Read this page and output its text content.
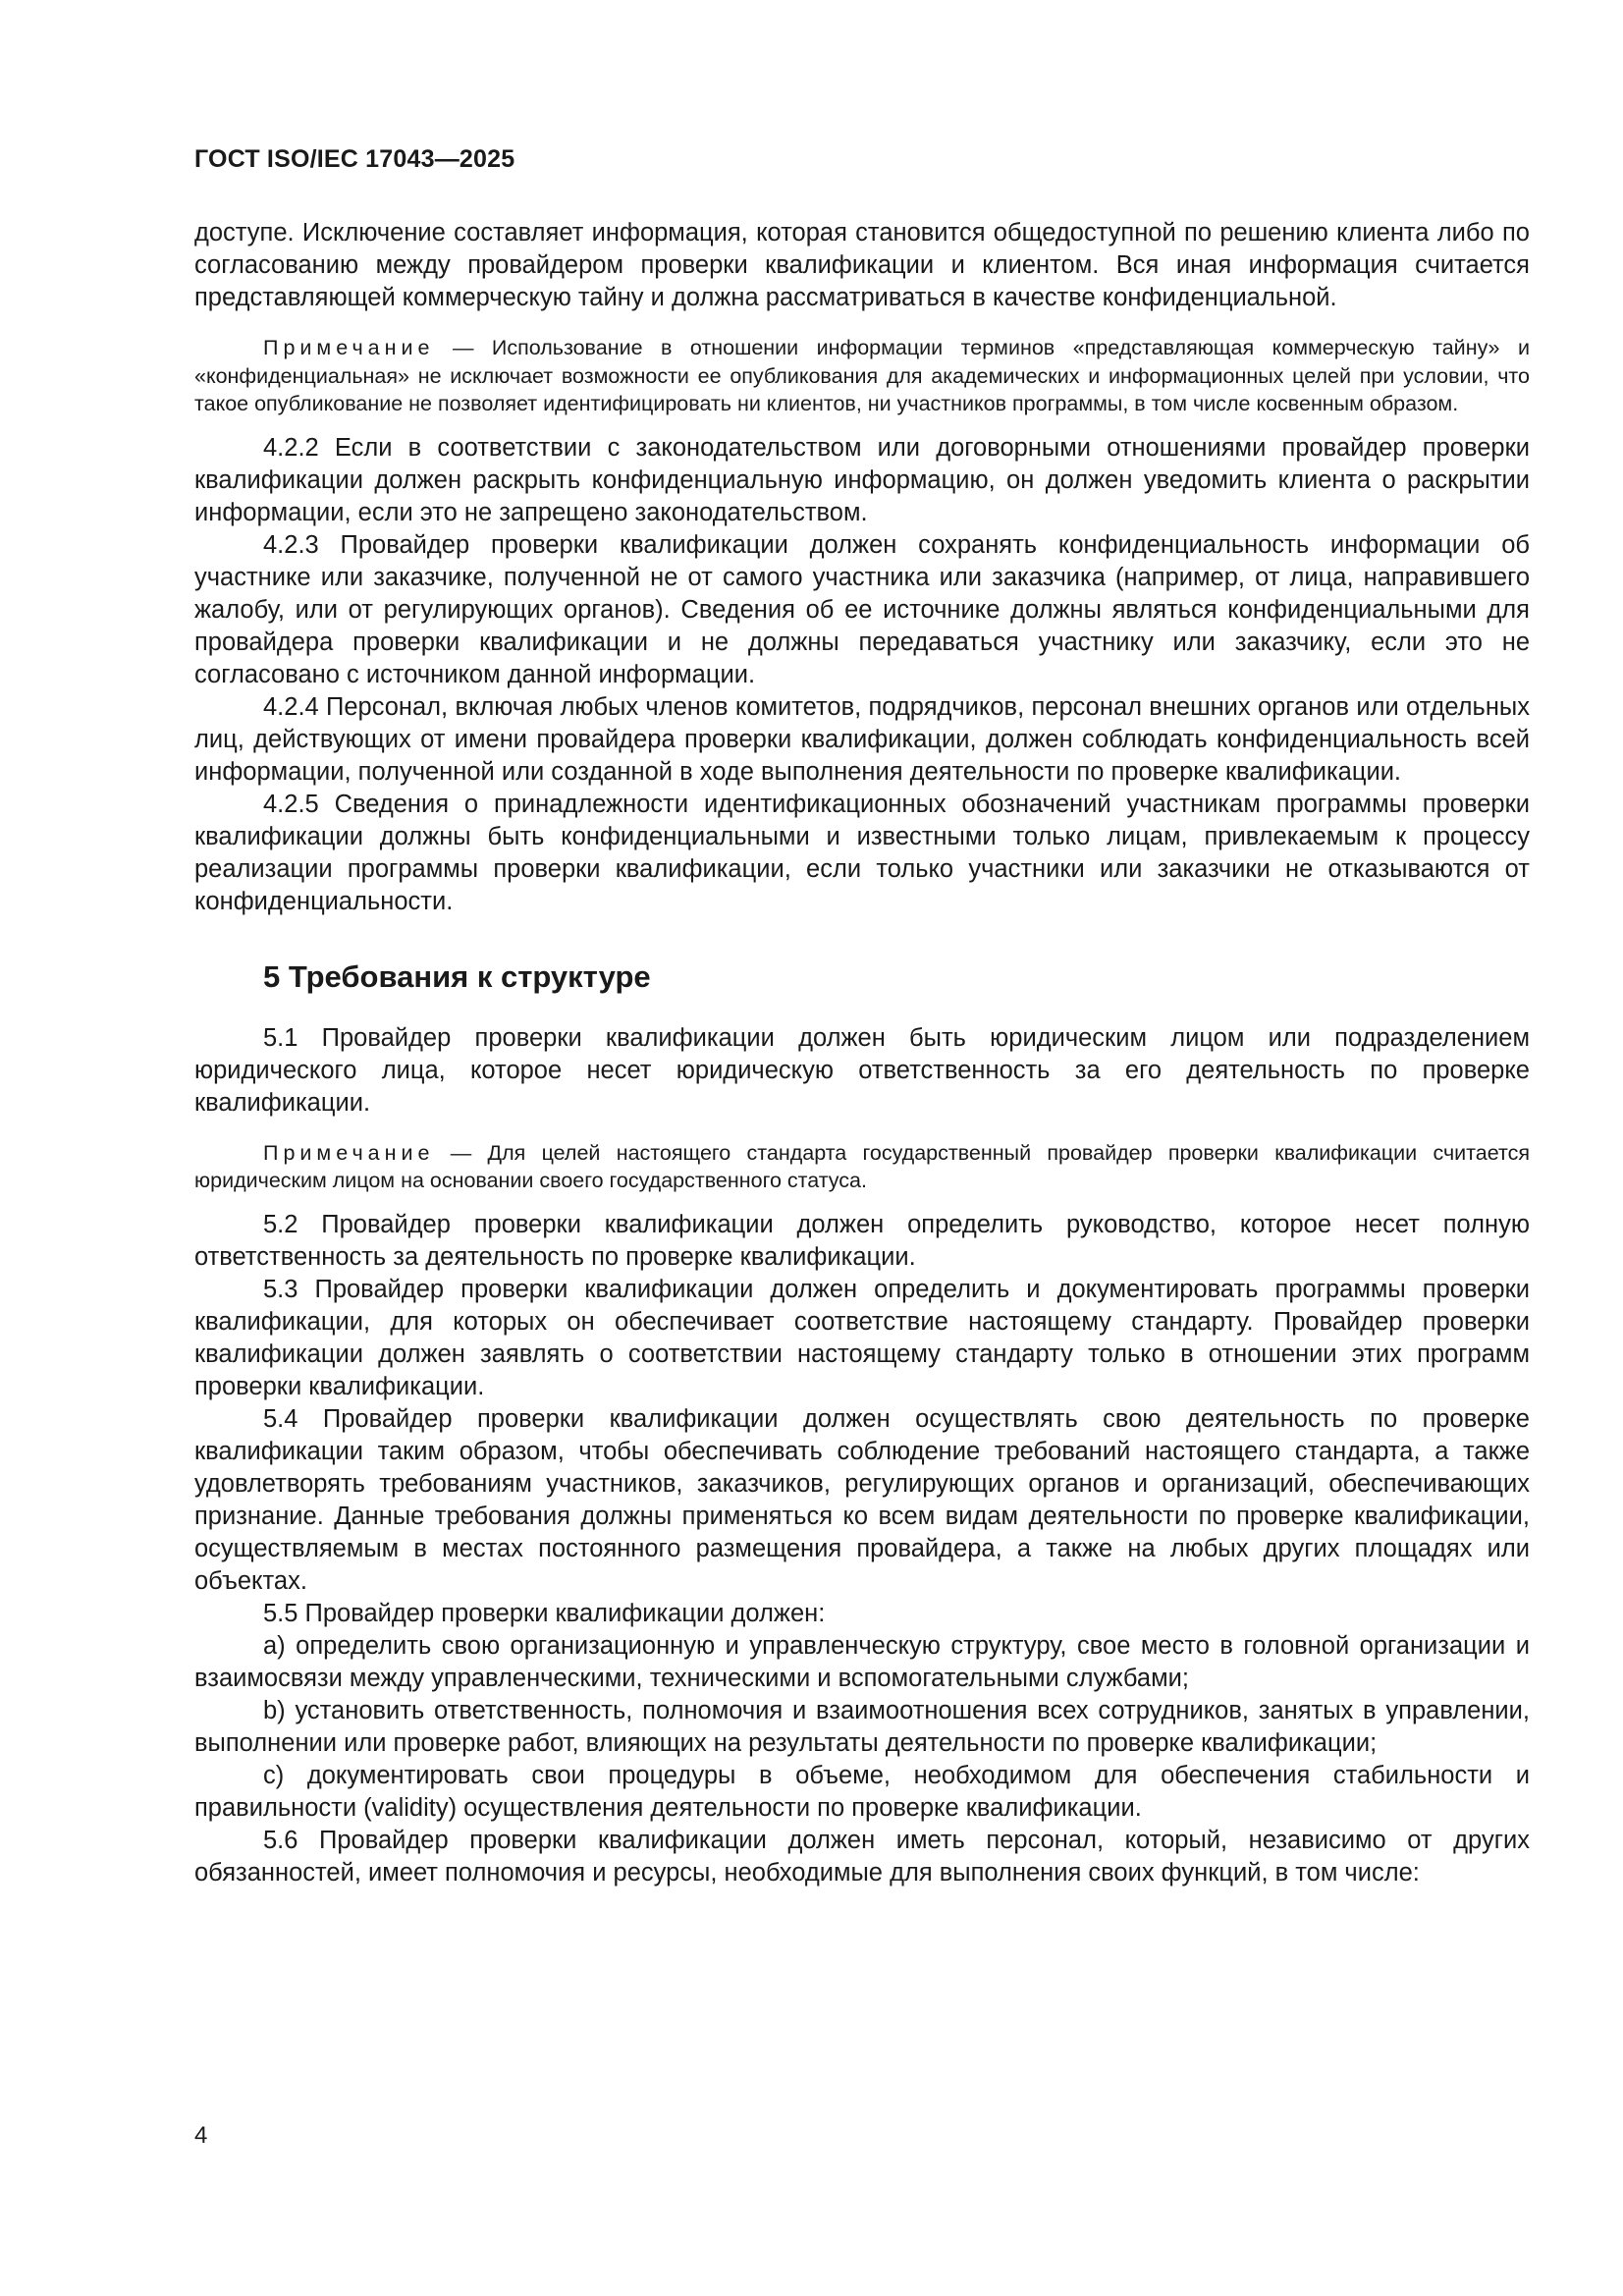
ГОСТ ISO/IEC 17043—2025

доступе. Исключение составляет информация, которая становится общедоступной по решению клиента либо по согласованию между провайдером проверки квалификации и клиентом. Вся иная информация считается представляющей коммерческую тайну и должна рассматриваться в качестве конфиденциальной.

Примечание — Использование в отношении информации терминов «представляющая коммерческую тайну» и «конфиденциальная» не исключает возможности ее опубликования для академических и информационных целей при условии, что такое опубликование не позволяет идентифицировать ни клиентов, ни участников программы, в том числе косвенным образом.

4.2.2 Если в соответствии с законодательством или договорными отношениями провайдер проверки квалификации должен раскрыть конфиденциальную информацию, он должен уведомить клиента о раскрытии информации, если это не запрещено законодательством.

4.2.3 Провайдер проверки квалификации должен сохранять конфиденциальность информации об участнике или заказчике, полученной не от самого участника или заказчика (например, от лица, направившего жалобу, или от регулирующих органов). Сведения об ее источнике должны являться конфиденциальными для провайдера проверки квалификации и не должны передаваться участнику или заказчику, если это не согласовано с источником данной информации.

4.2.4 Персонал, включая любых членов комитетов, подрядчиков, персонал внешних органов или отдельных лиц, действующих от имени провайдера проверки квалификации, должен соблюдать конфиденциальность всей информации, полученной или созданной в ходе выполнения деятельности по проверке квалификации.

4.2.5 Сведения о принадлежности идентификационных обозначений участникам программы проверки квалификации должны быть конфиденциальными и известными только лицам, привлекаемым к процессу реализации программы проверки квалификации, если только участники или заказчики не отказываются от конфиденциальности.

5 Требования к структуре

5.1 Провайдер проверки квалификации должен быть юридическим лицом или подразделением юридического лица, которое несет юридическую ответственность за его деятельность по проверке квалификации.

Примечание — Для целей настоящего стандарта государственный провайдер проверки квалификации считается юридическим лицом на основании своего государственного статуса.

5.2 Провайдер проверки квалификации должен определить руководство, которое несет полную ответственность за деятельность по проверке квалификации.

5.3 Провайдер проверки квалификации должен определить и документировать программы проверки квалификации, для которых он обеспечивает соответствие настоящему стандарту. Провайдер проверки квалификации должен заявлять о соответствии настоящему стандарту только в отношении этих программ проверки квалификации.

5.4 Провайдер проверки квалификации должен осуществлять свою деятельность по проверке квалификации таким образом, чтобы обеспечивать соблюдение требований настоящего стандарта, а также удовлетворять требованиям участников, заказчиков, регулирующих органов и организаций, обеспечивающих признание. Данные требования должны применяться ко всем видам деятельности по проверке квалификации, осуществляемым в местах постоянного размещения провайдера, а также на любых других площадях или объектах.

5.5 Провайдер проверки квалификации должен:

а) определить свою организационную и управленческую структуру, свое место в головной организации и взаимосвязи между управленческими, техническими и вспомогательными службами;

b) установить ответственность, полномочия и взаимоотношения всех сотрудников, занятых в управлении, выполнении или проверке работ, влияющих на результаты деятельности по проверке квалификации;

с) документировать свои процедуры в объеме, необходимом для обеспечения стабильности и правильности (validity) осуществления деятельности по проверке квалификации.

5.6 Провайдер проверки квалификации должен иметь персонал, который, независимо от других обязанностей, имеет полномочия и ресурсы, необходимые для выполнения своих функций, в том числе:

4
